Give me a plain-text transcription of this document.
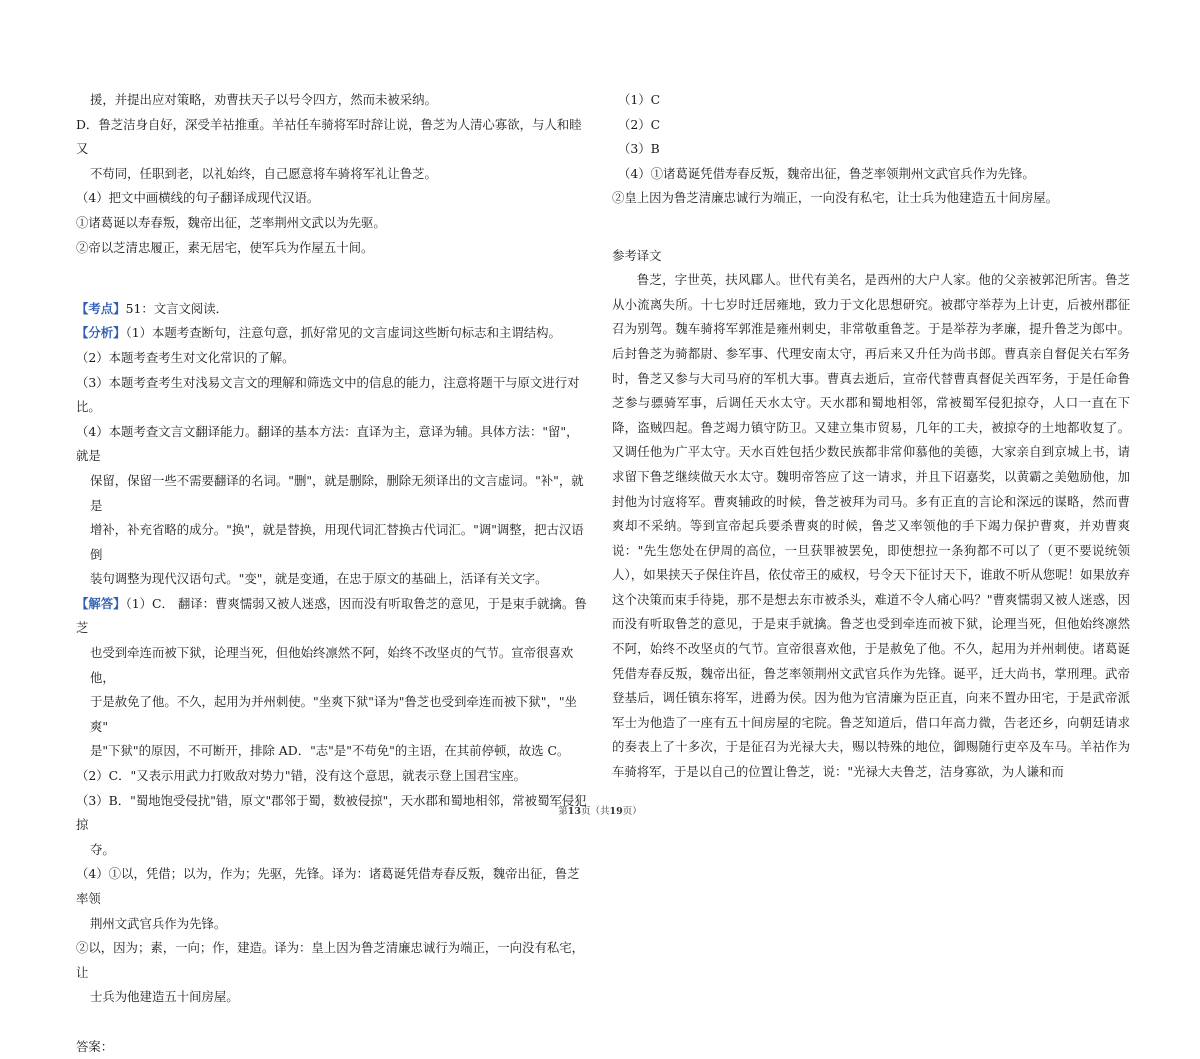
援，并提出应对策略，劝曹扶天子以号令四方，然而未被采纳。

D．鲁芝洁身自好，深受羊祜推重。羊祜任车骑将军时辞让说，鲁芝为人清心寡欲，与人和睦又

不苟同，任职到老，以礼始终，自己愿意将车骑将军礼让鲁芝。

（4）把文中画横线的句子翻译成现代汉语。

①诸葛诞以寿春叛，魏帝出征，芝率荆州文武以为先驱。

②帝以芝清忠履正，素无居宅，使军兵为作屋五十间。

【考点】51：文言文阅读．

【分析】（1）本题考查断句，注意句意，抓好常见的文言虚词这些断句标志和主谓结构。

（2）本题考查考生对文化常识的了解。

（3）本题考查考生对浅易文言文的理解和筛选文中的信息的能力，注意将题干与原文进行对比。

（4）本题考查文言文翻译能力。翻译的基本方法：直译为主，意译为辅。具体方法："留"，就是

保留，保留一些不需要翻译的名词。"删"，就是删除，删除无须译出的文言虚词。"补"，就是

增补，补充省略的成分。"换"，就是替换，用现代词汇替换古代词汇。"调"调整，把古汉语倒

装句调整为现代汉语句式。"变"，就是变通，在忠于原文的基础上，活译有关文字。

【解答】（1）C． 翻译：曹爽懦弱又被人迷惑，因而没有听取鲁芝的意见，于是束手就擒。鲁芝

也受到牵连而被下狱，论理当死，但他始终凛然不阿，始终不改坚贞的气节。宣帝很喜欢他，

于是赦免了他。不久，起用为并州刺使。"坐爽下狱"译为"鲁芝也受到牵连而被下狱"，"坐爽"

是"下狱"的原因，不可断开，排除 AD．"志"是"不苟免"的主语，在其前停顿，故选 C。

（2）C．"又表示用武力打败敌对势力"错，没有这个意思，就表示登上国君宝座。

（3）B．"蜀地饱受侵扰"错，原文"郡邻于蜀，数被侵掠"，天水郡和蜀地相邻，常被蜀军侵犯掠

夺。

（4）①以，凭借；以为，作为；先驱，先锋。译为：诸葛诞凭借寿春反叛，魏帝出征，鲁芝率领

荆州文武官兵作为先锋。

②以，因为；素，一向；作，建造。译为：皇上因为鲁芝清廉忠诚行为端正，一向没有私宅，让

士兵为他建造五十间房屋。

答案：

（1）C

（2）C

（3）B

（4）①诸葛诞凭借寿春反叛，魏帝出征，鲁芝率领荆州文武官兵作为先锋。

②皇上因为鲁芝清廉忠诚行为端正，一向没有私宅，让士兵为他建造五十间房屋。

参考译文

鲁芝，字世英，扶风郿人。世代有美名，是西州的大户人家。他的父亲被郭汜所害。鲁芝从小流离失所。十七岁时迁居雍地，致力于文化思想研究。被郡守举荐为上计吏，后被州郡征召为别驾。魏车骑将军郭淮是雍州刺史，非常敬重鲁芝。于是举荐为孝廉，提升鲁芝为郎中。后封鲁芝为骑都尉、参军事、代理安南太守，再后来又升任为尚书郎。曹真亲自督促关右军务时，鲁芝又参与大司马府的军机大事。曹真去逝后，宣帝代替曹真督促关西军务，于是任命鲁芝参与骠骑军事，后调任天水太守。天水郡和蜀地相邻，常被蜀军侵犯掠夺，人口一直在下降，盗贼四起。鲁芝竭力镇守防卫。又建立集市贸易，几年的工夫，被掠夺的土地都收复了。又调任他为广平太守。天水百姓包括少数民族都非常仰慕他的美德，大家亲自到京城上书，请求留下鲁芝继续做天水太守。魏明帝答应了这一请求，并且下诏嘉奖，以黄霸之美勉励他，加封他为讨寇将军。曹爽辅政的时候，鲁芝被拜为司马。多有正直的言论和深远的谋略，然而曹爽却不采纳。等到宣帝起兵要杀曹爽的时候，鲁芝又率领他的手下竭力保护曹爽，并劝曹爽说："先生您处在伊周的高位，一旦获罪被罢免，即使想拉一条狗都不可以了（更不要说统领人），如果挟天子保住许昌，依仗帝王的威权，号令天下征讨天下，谁敢不听从您呢！如果放弃这个决策而束手待毙，那不是想去东市被杀头，难道不令人痛心吗？"曹爽懦弱又被人迷惑，因而没有听取鲁芝的意见，于是束手就擒。鲁芝也受到牵连而被下狱，论理当死，但他始终凛然不阿，始终不改坚贞的气节。宣帝很喜欢他，于是赦免了他。不久，起用为并州刺使。诸葛诞凭借寿春反叛，魏帝出征，鲁芝率领荆州文武官兵作为先锋。诞平，迁大尚书，掌刑理。武帝登基后，调任镇东将军，进爵为侯。因为他为官清廉为臣正直，向来不置办田宅，于是武帝派军士为他造了一座有五十间房屋的宅院。鲁芝知道后，借口年高力微，告老还乡，向朝廷请求的奏表上了十多次，于是征召为光禄大夫，赐以特殊的地位，御赐随行吏卒及车马。羊祜作为车骑将军，于是以自己的位置让鲁芝，说："光禄大夫鲁芝，洁身寡欲，为人谦和而

第13页（共19页）
